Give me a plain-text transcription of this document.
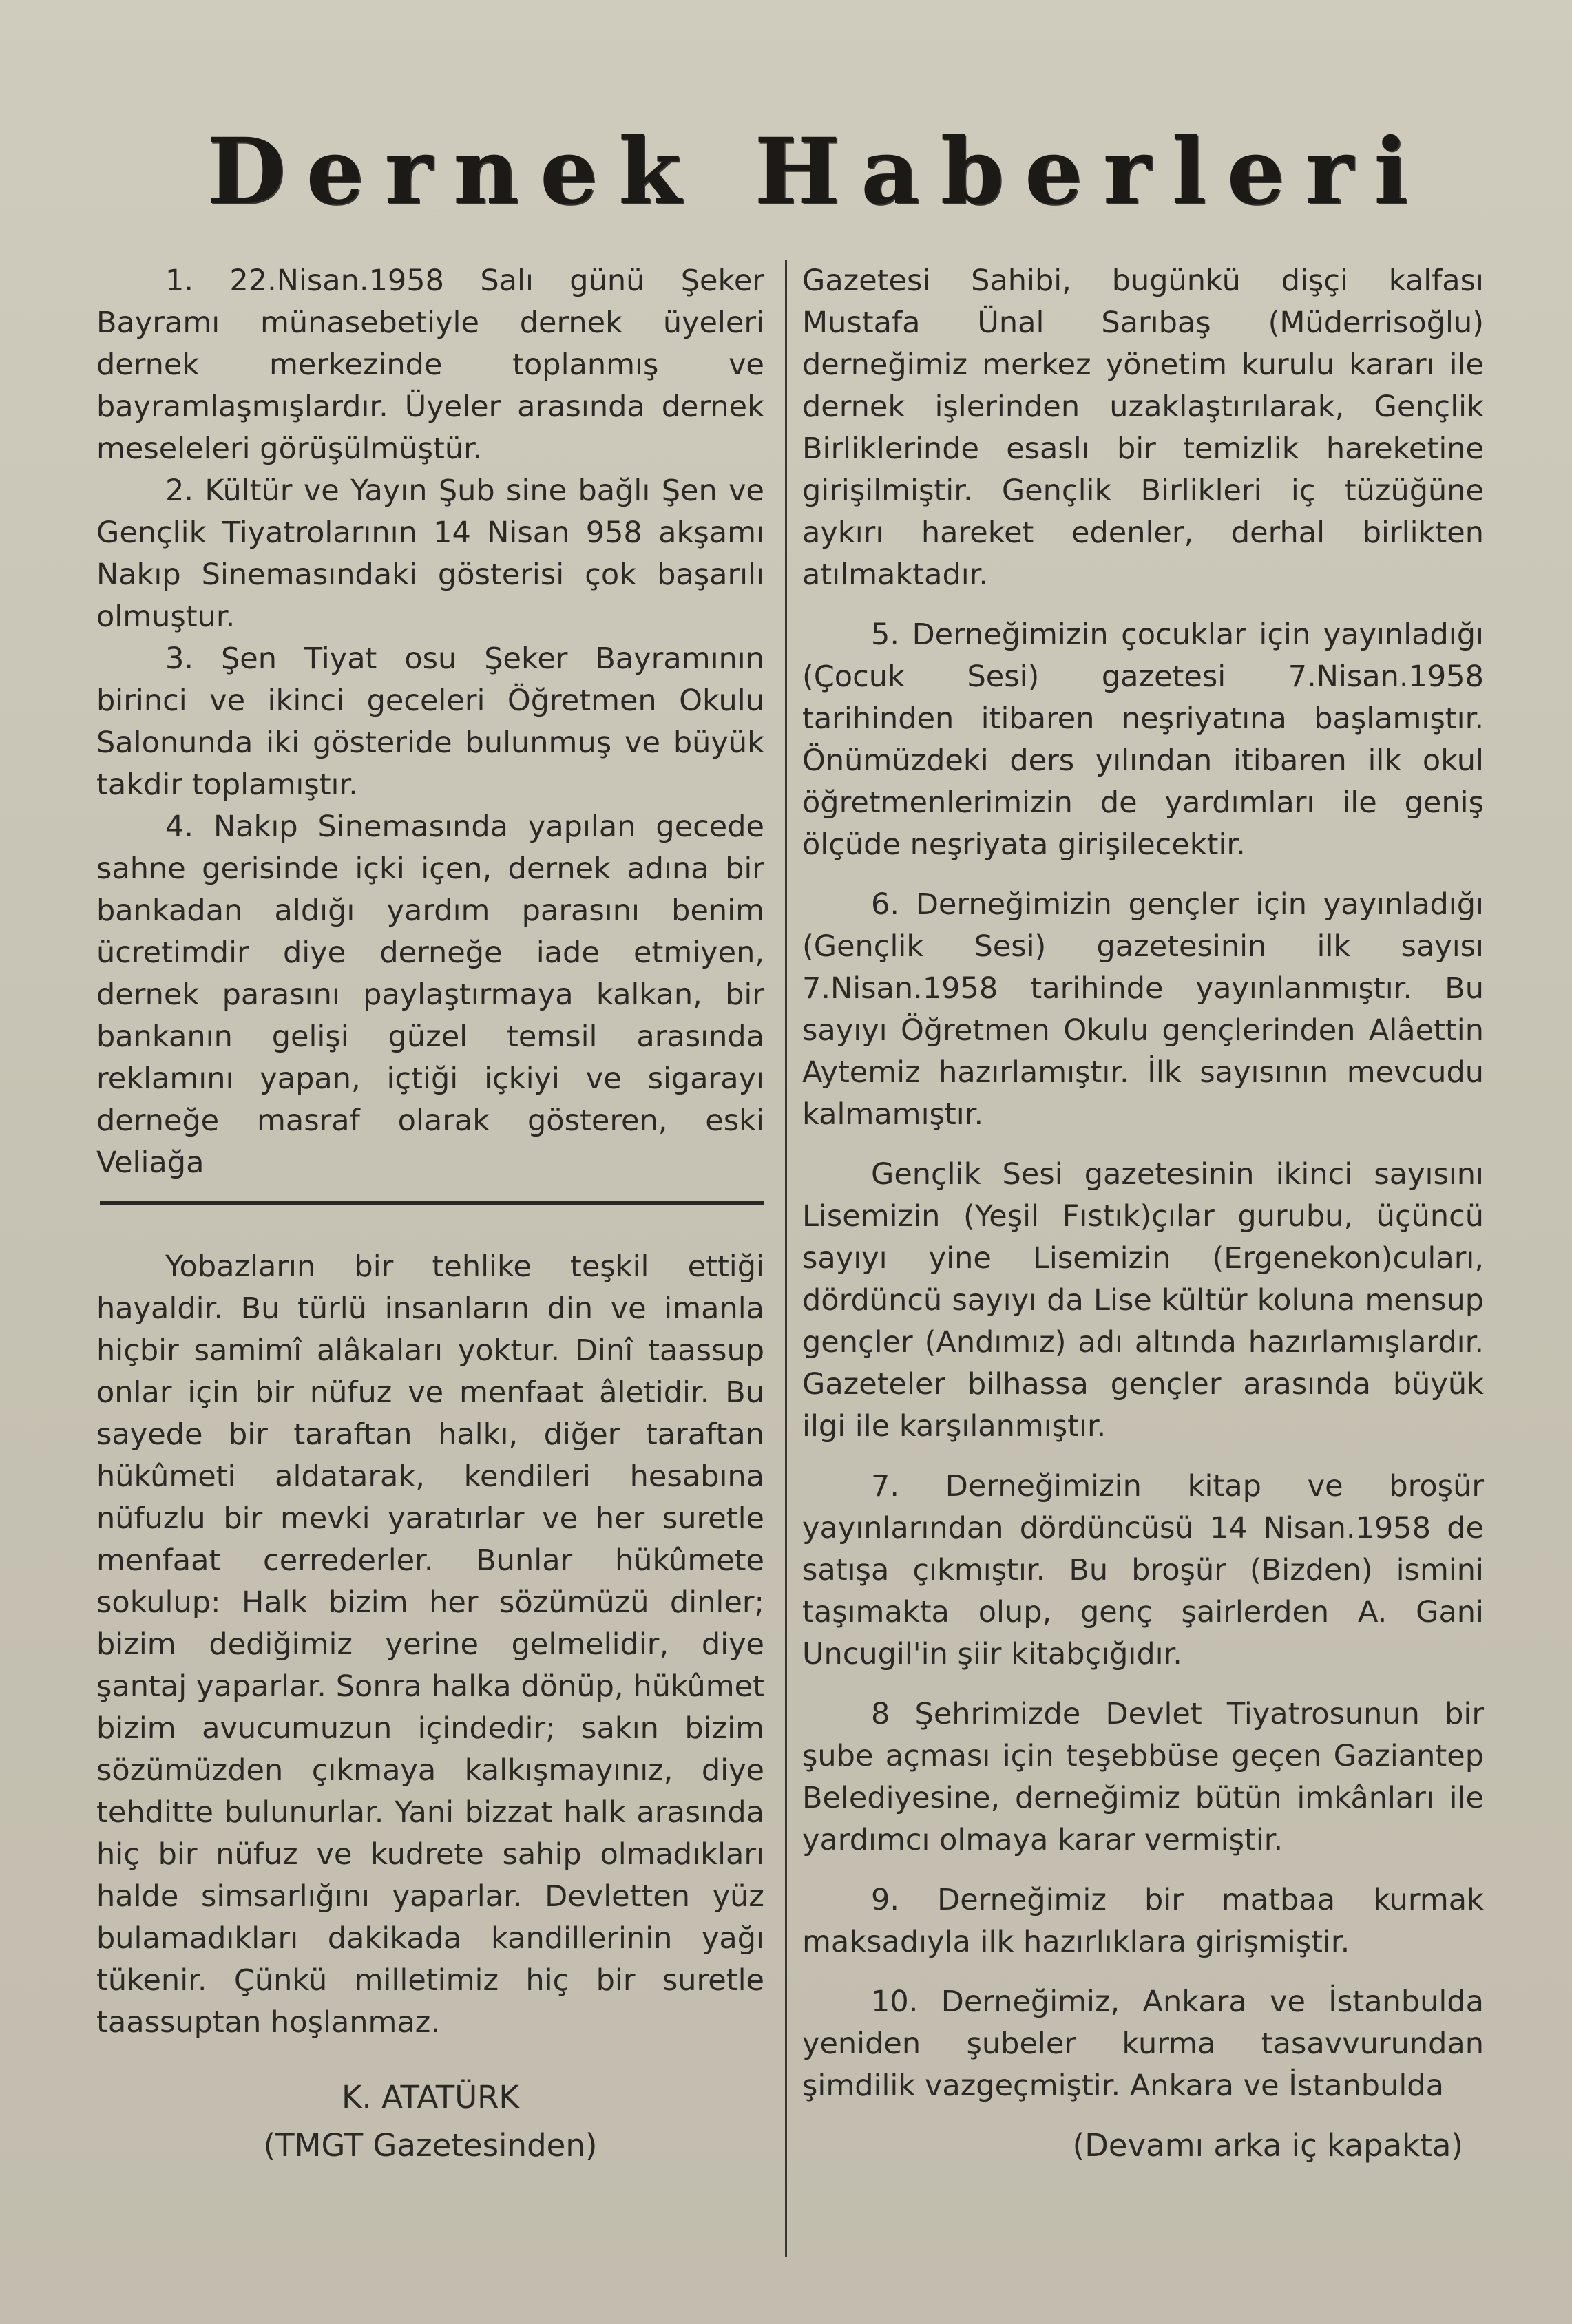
Dernek Haberleri

1. 22.Nisan.1958 Salı günü Şeker Bayramı münasebetiyle dernek üyeleri dernek merkezinde toplanmış ve bayramlaşmışlardır. Üyeler arasında dernek meseleleri görüşülmüştür.

2. Kültür ve Yayın Şub sine bağlı Şen ve Gençlik Tiyatrolarının 14 Nisan 958 akşamı Nakıp Sinemasındaki gösterisi çok başarılı olmuştur.

3. Şen Tiyat osu Şeker Bayramının birinci ve ikinci geceleri Öğretmen Okulu Salonunda iki gösteride bulunmuş ve büyük takdir toplamıştır.

4. Nakıp Sinemasında yapılan gecede sahne gerisinde içki içen, dernek adına bir bankadan aldığı yardım parasını benim ücretimdir diye derneğe iade etmiyen, dernek parasını paylaştırmaya kalkan, bir bankanın gelişi güzel temsil arasında reklamını yapan, içtiği içkiyi ve sigarayı derneğe masraf olarak gösteren, eski Veliağa

Yobazların bir tehlike teşkil ettiği hayaldir. Bu türlü insanların din ve imanla hiçbir samimî alâkaları yoktur. Dinî taassup onlar için bir nüfuz ve menfaat âletidir. Bu sayede bir taraftan halkı, diğer taraftan hükûmeti aldatarak, kendileri hesabına nüfuzlu bir mevki yaratırlar ve her suretle menfaat cerrederler. Bunlar hükûmete sokulup: Halk bizim her sözümüzü dinler; bizim dediğimiz yerine gelmelidir, diye şantaj yaparlar. Sonra halka dönüp, hükûmet bizim avucumuzun içindedir; sakın bizim sözümüzden çıkmaya kalkışmayınız, diye tehditte bulunurlar. Yani bizzat halk arasında hiç bir nüfuz ve kudrete sahip olmadıkları halde simsarlığını yaparlar. Devletten yüz bulamadıkları dakikada kandillerinin yağı tükenir. Çünkü milletimiz hiç bir suretle taassuptan hoşlanmaz.

K. ATATÜRK
(TMGT Gazetesinden)

Gazetesi Sahibi, bugünkü dişçi kalfası Mustafa Ünal Sarıbaş (Müderrisoğlu) derneğimiz merkez yönetim kurulu kararı ile dernek işlerinden uzaklaştırılarak, Gençlik Birliklerinde esaslı bir temizlik hareketine girişilmiştir. Gençlik Birlikleri iç tüzüğüne aykırı hareket edenler, derhal birlikten atılmaktadır.

5. Derneğimizin çocuklar için yayınladığı (Çocuk Sesi) gazetesi 7.Nisan.1958 tarihinden itibaren neşriyatına başlamıştır. Önümüzdeki ders yılından itibaren ilk okul öğretmenlerimizin de yardımları ile geniş ölçüde neşriyata girişilecektir.

6. Derneğimizin gençler için yayınladığı (Gençlik Sesi) gazetesinin ilk sayısı 7.Nisan.1958 tarihinde yayınlanmıştır. Bu sayıyı Öğretmen Okulu gençlerinden Alâettin Aytemiz hazırlamıştır. İlk sayısının mevcudu kalmamıştır.

Gençlik Sesi gazetesinin ikinci sayısını Lisemizin (Yeşil Fıstık)çılar gurubu, üçüncü sayıyı yine Lisemizin (Ergenekon)cuları, dördüncü sayıyı da Lise kültür koluna mensup gençler (Andımız) adı altında hazırlamışlardır. Gazeteler bilhassa gençler arasında büyük ilgi ile karşılanmıştır.

7. Derneğimizin kitap ve broşür yayınlarından dördüncüsü 14 Nisan.1958 de satışa çıkmıştır. Bu broşür (Bizden) ismini taşımakta olup, genç şairlerden A. Gani Uncugil'in şiir kitabçığıdır.

8 Şehrimizde Devlet Tiyatrosunun bir şube açması için teşebbüse geçen Gaziantep Belediyesine, derneğimiz bütün imkânları ile yardımcı olmaya karar vermiştir.

9. Derneğimiz bir matbaa kurmak maksadıyla ilk hazırlıklara girişmiştir.

10. Derneğimiz, Ankara ve İstanbulda yeniden şubeler kurma tasavvurundan şimdilik vazgeçmiştir. Ankara ve İstanbulda

(Devamı arka iç kapakta)
